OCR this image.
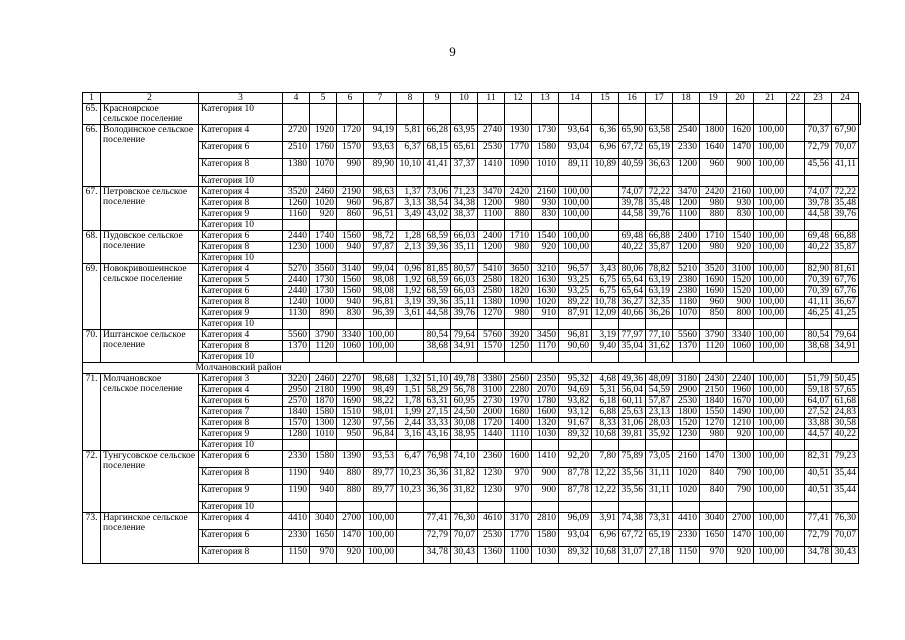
9
1	2	3	4	5	6	7	8	9	10	11	12	13	14	15	16	17	18	19	20	21	22	23	24	
65.	Красноярское сельское поселение	Категория 10																						
66.	Володинское сельское поселение	Категория 4	2720	1920	1720	94,19	5,81	66,28	63,95	2740	1930	1730	93,64	6,36	65,90	63,58	2540	1800	1620	100,00		70,37	67,90	
		Категория 6	2510	1760	1570	93,63	6,37	68,15	65,61	2530	1770	1580	93,04	6,96	67,72	65,19	2330	1640	1470	100,00		72,79	70,07	
		Категория 8	1380	1070	990	89,90	10,10	41,41	37,37	1410	1090	1010	89,11	10,89	40,59	36,63	1200	960	900	100,00		45,56	41,11	
		Категория 10																						
67.	Петровское сельское поселение	Категория 4	3520	2460	2190	98,63	1,37	73,06	71,23	3470	2420	2160	100,00		74,07	72,22	3470	2420	2160	100,00		74,07	72,22	
		Категория 8	1260	1020	960	96,87	3,13	38,54	34,38	1200	980	930	100,00		39,78	35,48	1200	980	930	100,00		39,78	35,48	
		Категория 9	1160	920	860	96,51	3,49	43,02	38,37	1100	880	830	100,00		44,58	39,76	1100	880	830	100,00		44,58	39,76	
		Категория 10																						
68.	Пудовское сельское поселение	Категория 6	2440	1740	1560	98,72	1,28	68,59	66,03	2400	1710	1540	100,00		69,48	66,88	2400	1710	1540	100,00		69,48	66,88	
		Категория 8	1230	1000	940	97,87	2,13	39,36	35,11	1200	980	920	100,00		40,22	35,87	1200	980	920	100,00		40,22	35,87	
		Категория 10																						
69.	Новокривошеинское сельское поселение	Категория 4	5270	3560	3140	99,04	0,96	81,85	80,57	5410	3650	3210	96,57	3,43	80,06	78,82	5210	3520	3100	100,00		82,90	81,61	
		Категория 5	2440	1730	1560	98,08	1,92	68,59	66,03	2580	1820	1630	93,25	6,75	65,64	63,19	2380	1690	1520	100,00		70,39	67,76	
		Категория 6	2440	1730	1560	98,08	1,92	68,59	66,03	2580	1820	1630	93,25	6,75	65,64	63,19	2380	1690	1520	100,00		70,39	67,76	
		Категория 8	1240	1000	940	96,81	3,19	39,36	35,11	1380	1090	1020	89,22	10,78	36,27	32,35	1180	960	900	100,00		41,11	36,67	
		Категория 9	1130	890	830	96,39	3,61	44,58	39,76	1270	980	910	87,91	12,09	40,66	36,26	1070	850	800	100,00		46,25	41,25	
		Категория 10																						
70.	Иштанское сельское поселение	Категория 4	5560	3790	3340	100,00		80,54	79,64	5760	3920	3450	96,81	3,19	77,97	77,10	5560	3790	3340	100,00		80,54	79,64	
		Категория 8	1370	1120	1060	100,00		38,68	34,91	1570	1250	1170	90,60	9,40	35,04	31,62	1370	1120	1060	100,00		38,68	34,91	
		Категория 10																						
	Молчановский район																							
71.	Молчановское сельское поселение	Категория 3	3220	2460	2270	98,68	1,32	51,10	49,78	3380	2560	2350	95,32	4,68	49,36	48,09	3180	2430	2240	100,00		51,79	50,45	
		Категория 4	2950	2180	1990	98,49	1,51	58,29	56,78	3100	2280	2070	94,69	5,31	56,04	54,59	2900	2150	1960	100,00		59,18	57,65	
		Категория 6	2570	1870	1690	98,22	1,78	63,31	60,95	2730	1970	1780	93,82	6,18	60,11	57,87	2530	1840	1670	100,00		64,07	61,68	
		Категория 7	1840	1580	1510	98,01	1,99	27,15	24,50	2000	1680	1600	93,12	6,88	25,63	23,13	1800	1550	1490	100,00		27,52	24,83	
		Категория 8	1570	1300	1230	97,56	2,44	33,33	30,08	1720	1400	1320	91,67	8,33	31,06	28,03	1520	1270	1210	100,00		33,88	30,58	
		Категория 9	1280	1010	950	96,84	3,16	43,16	38,95	1440	1110	1030	89,32	10,68	39,81	35,92	1230	980	920	100,00		44,57	40,22	
		Категория 10																						
72.	Тунгусовское сельское поселение	Категория 6	2330	1580	1390	93,53	6,47	76,98	74,10	2360	1600	1410	92,20	7,80	75,89	73,05	2160	1470	1300	100,00		82,31	79,23	
		Категория 8	1190	940	880	89,77	10,23	36,36	31,82	1230	970	900	87,78	12,22	35,56	31,11	1020	840	790	100,00		40,51	35,44	
		Категория 9	1190	940	880	89,77	10,23	36,36	31,82	1230	970	900	87,78	12,22	35,56	31,11	1020	840	790	100,00		40,51	35,44	
		Категория 10																						
73.	Наргинское сельское поселение	Категория 4	4410	3040	2700	100,00		77,41	76,30	4610	3170	2810	96,09	3,91	74,38	73,31	4410	3040	2700	100,00		77,41	76,30	
		Категория 6	2330	1650	1470	100,00		72,79	70,07	2530	1770	1580	93,04	6,96	67,72	65,19	2330	1650	1470	100,00		72,79	70,07	
		Категория 8	1150	970	920	100,00		34,78	30,43	1360	1100	1030	89,32	10,68	31,07	27,18	1150	970	920	100,00		34,78	30,43	
